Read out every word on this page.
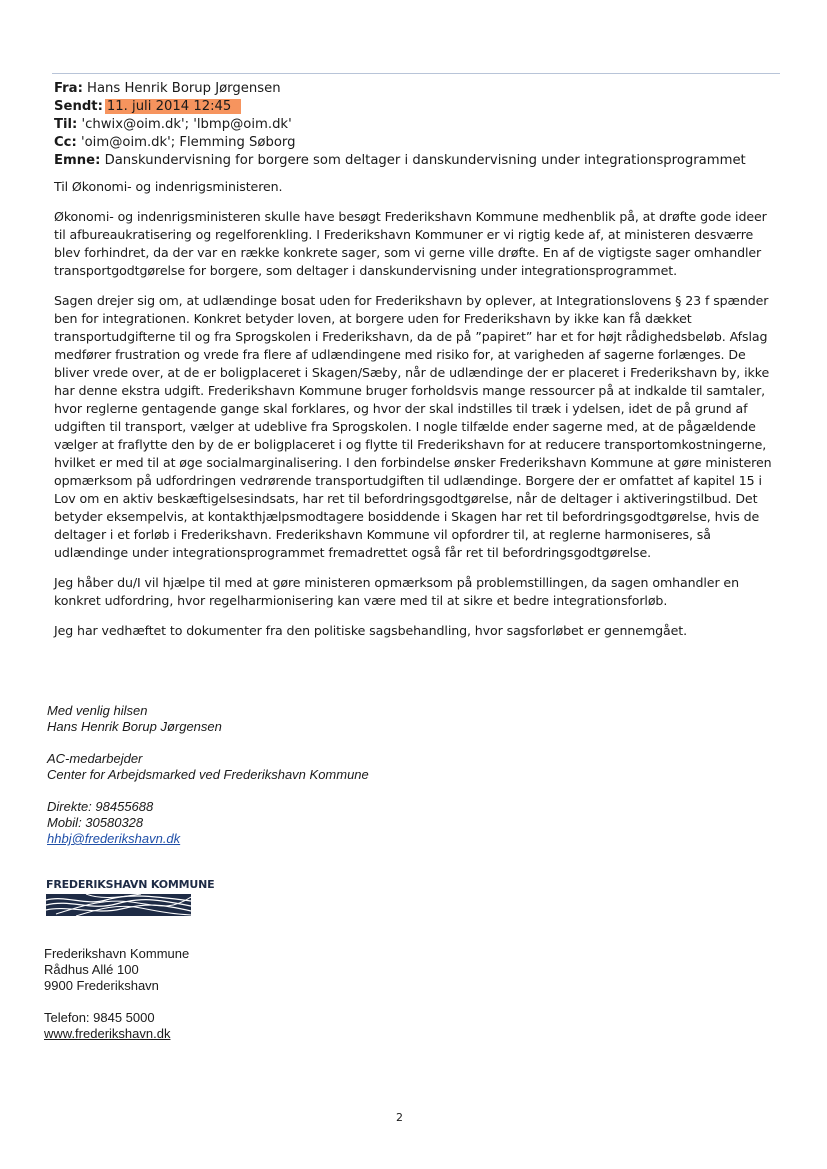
Fra: Hans Henrik Borup Jørgensen
Sendt: 11. juli 2014 12:45
Til: 'chwix@oim.dk'; 'lbmp@oim.dk'
Cc: 'oim@oim.dk'; Flemming Søborg
Emne: Danskundervisning for borgere som deltager i danskundervisning under integrationsprogrammet

Til Økonomi- og indenrigsministeren.

Økonomi- og indenrigsministeren skulle have besøgt Frederikshavn Kommune medhenblik på, at drøfte gode ideer til afbureaukratisering og regelforenkling. I Frederikshavn Kommuner er vi rigtig kede af, at ministeren desværre blev forhindret, da der var en række konkrete sager, som vi gerne ville drøfte. En af de vigtigste sager omhandler transportgodtgørelse for borgere, som deltager i danskundervisning under integrationsprogrammet.

Sagen drejer sig om, at udlændinge bosat uden for Frederikshavn by oplever, at Integrationslovens § 23 f spænder ben for integrationen. Konkret betyder loven, at borgere uden for Frederikshavn by ikke kan få dækket transportudgifterne til og fra Sprogskolen i Frederikshavn, da de på ”papiret” har et for højt rådighedsbeløb. Afslag medfører frustration og vrede fra flere af udlændingene med risiko for, at varigheden af sagerne forlænges. De bliver vrede over, at de er boligplaceret i Skagen/Sæby, når de udlændinge der er placeret i Frederikshavn by, ikke har denne ekstra udgift. Frederikshavn Kommune bruger forholdsvis mange ressourcer på at indkalde til samtaler, hvor reglerne gentagende gange skal forklares, og hvor der skal indstilles til træk i ydelsen, idet de på grund af udgiften til transport, vælger at udeblive fra Sprogskolen. I nogle tilfælde ender sagerne med, at de pågældende vælger at fraflytte den by de er boligplaceret i og flytte til Frederikshavn for at reducere transportomkostningerne, hvilket er med til at øge socialmarginalisering. I den forbindelse ønsker Frederikshavn Kommune at gøre ministeren opmærksom på udfordringen vedrørende transportudgiften til udlændinge. Borgere der er omfattet af kapitel 15 i Lov om en aktiv beskæftigelsesindsats, har ret til befordringsgodtgørelse, når de deltager i aktiveringstilbud. Det betyder eksempelvis, at kontakthjælpsmodtagere bosiddende i Skagen har ret til befordringsgodtgørelse, hvis de deltager i et forløb i Frederikshavn. Frederikshavn Kommune vil opfordrer til, at reglerne harmoniseres, så udlændinge under integrationsprogrammet fremadrettet også får ret til befordringsgodtgørelse.

Jeg håber du/I vil hjælpe til med at gøre ministeren opmærksom på problemstillingen, da sagen omhandler en konkret udfordring, hvor regelharmionisering kan være med til at sikre et bedre integrationsforløb.

Jeg har vedhæftet to dokumenter fra den politiske sagsbehandling, hvor sagsforløbet er gennemgået.

Med venlig hilsen
Hans Henrik Borup Jørgensen

AC-medarbejder
Center for Arbejdsmarked ved Frederikshavn Kommune

Direkte: 98455688
Mobil: 30580328
hhbj@frederikshavn.dk

FREDERIKSHAVN KOMMUNE

Frederikshavn Kommune
Rådhus Allé 100
9900 Frederikshavn

Telefon: 9845 5000
www.frederikshavn.dk

2
